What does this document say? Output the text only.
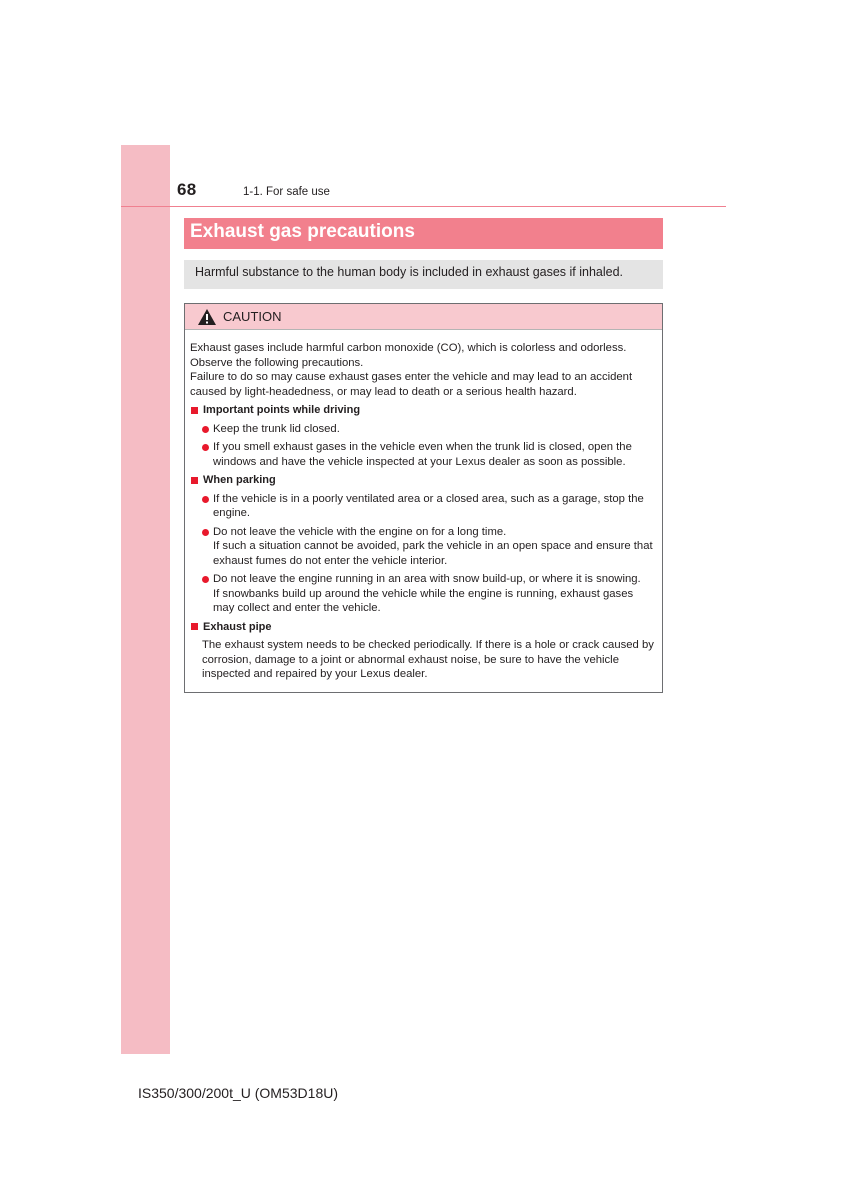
68	1-1. For safe use
Exhaust gas precautions
Harmful substance to the human body is included in exhaust gases if inhaled.
CAUTION

Exhaust gases include harmful carbon monoxide (CO), which is colorless and odorless. Observe the following precautions.

Failure to do so may cause exhaust gases enter the vehicle and may lead to an accident caused by light-headedness, or may lead to death or a serious health hazard.

Important points while driving
Keep the trunk lid closed.
If you smell exhaust gases in the vehicle even when the trunk lid is closed, open the windows and have the vehicle inspected at your Lexus dealer as soon as possible.
When parking
If the vehicle is in a poorly ventilated area or a closed area, such as a garage, stop the engine.
Do not leave the vehicle with the engine on for a long time.
If such a situation cannot be avoided, park the vehicle in an open space and ensure that exhaust fumes do not enter the vehicle interior.
Do not leave the engine running in an area with snow build-up, or where it is snowing.
If snowbanks build up around the vehicle while the engine is running, exhaust gases may collect and enter the vehicle.
Exhaust pipe

The exhaust system needs to be checked periodically. If there is a hole or crack caused by corrosion, damage to a joint or abnormal exhaust noise, be sure to have the vehicle inspected and repaired by your Lexus dealer.

IS350/300/200t_U (OM53D18U)
